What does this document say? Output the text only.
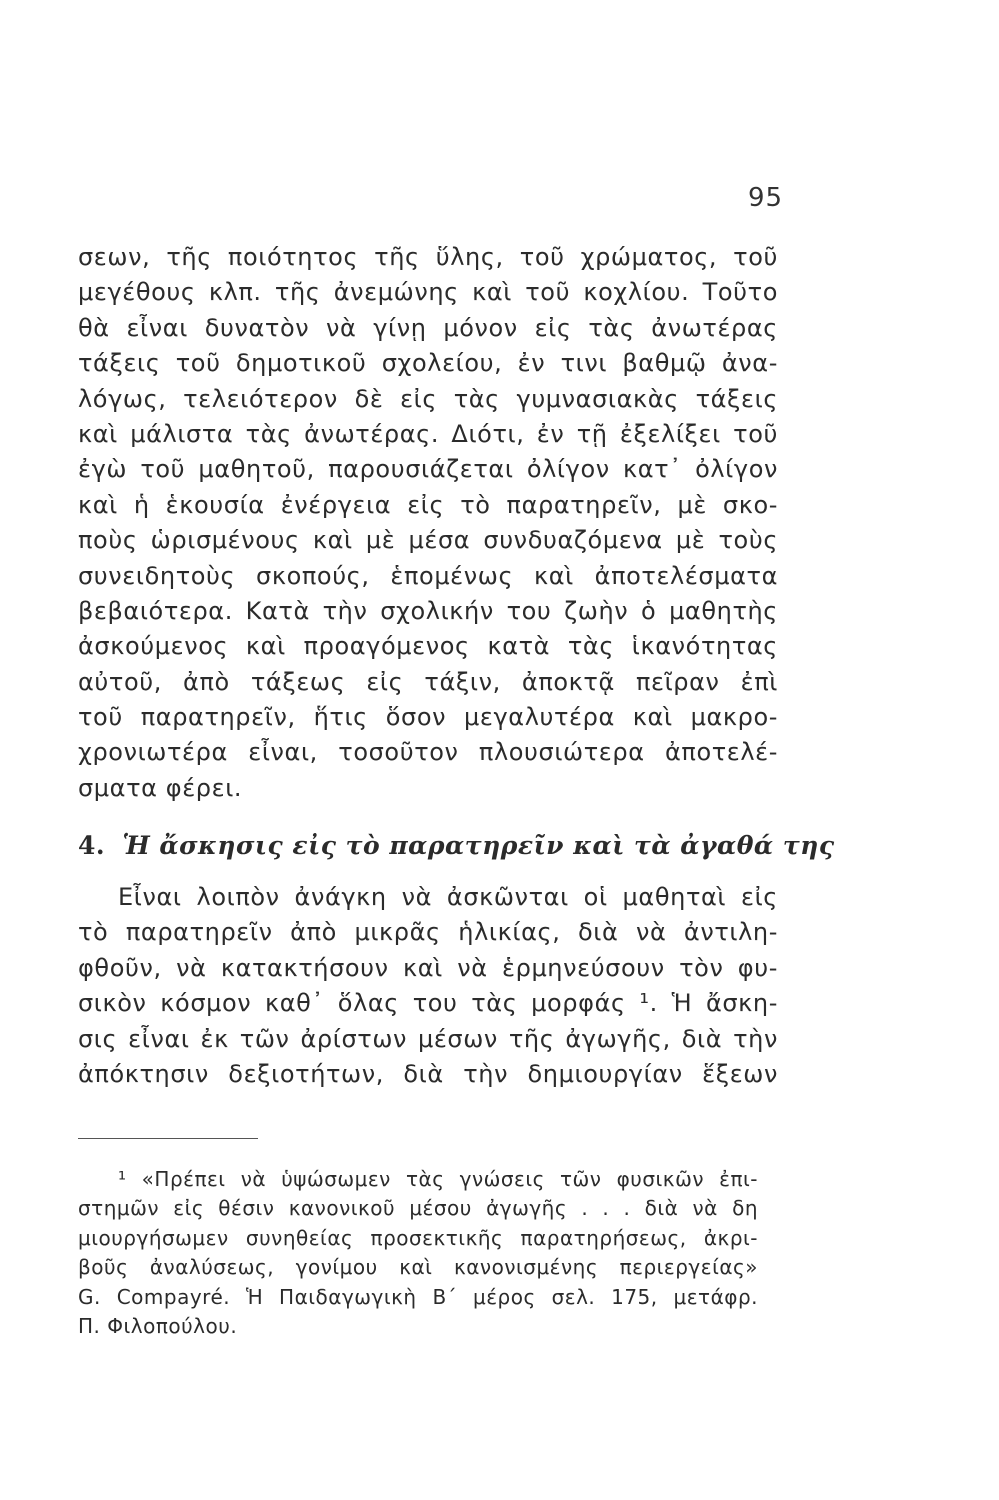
95
σεων, τῆς ποιότητος τῆς ὕλης, τοῦ χρώματος, τοῦ
μεγέθους κλπ. τῆς ἀνεμώνης καὶ τοῦ κοχλίου. Τοῦτο
θὰ εἶναι δυνατὸν νὰ γίνῃ μόνον εἰς τὰς ἀνωτέρας
τάξεις τοῦ δημοτικοῦ σχολείου, ἐν τινι βαθμῷ ἀνα-
λόγως, τελειότερον δὲ εἰς τὰς γυμνασιακὰς τάξεις
καὶ μάλιστα τὰς ἀνωτέρας. Διότι, ἐν τῇ ἐξελίξει τοῦ
ἐγὼ τοῦ μαθητοῦ, παρουσιάζεται ὀλίγον κατ᾽ ὀλίγον
καὶ ἡ ἑκουσία ἐνέργεια εἰς τὸ παρατηρεῖν, μὲ σκο-
ποὺς ὡρισμένους καὶ μὲ μέσα συνδυαζόμενα μὲ τοὺς
συνειδητοὺς σκοπούς, ἑπομένως καὶ ἀποτελέσματα
βεβαιότερα. Κατὰ τὴν σχολικήν του ζωὴν ὁ μαθητὴς
ἀσκούμενος καὶ προαγόμενος κατὰ τὰς ἱκανότητας
αὐτοῦ, ἀπὸ τάξεως εἰς τάξιν, ἀποκτᾷ πεῖραν ἐπὶ
τοῦ παρατηρεῖν, ἥτις ὅσον μεγαλυτέρα καὶ μακρο-
χρονιωτέρα εἶναι, τοσοῦτον πλουσιώτερα ἀποτελέ-
σματα φέρει.
4. Ἡ ἄσκησις εἰς τὸ παρατηρεῖν καὶ τὰ ἀγαθά της
Εἶναι λοιπὸν ἀνάγκη νὰ ἀσκῶνται οἱ μαθηταὶ εἰς
τὸ παρατηρεῖν ἀπὸ μικρᾶς ἡλικίας, διὰ νὰ ἀντιλη-
φθοῦν, νὰ κατακτήσουν καὶ νὰ ἑρμηνεύσουν τὸν φυ-
σικὸν κόσμον καθ᾽ ὅλας του τὰς μορφάς ¹. Ἡ ἄσκη-
σις εἶναι ἐκ τῶν ἀρίστων μέσων τῆς ἀγωγῆς, διὰ τὴν
ἀπόκτησιν δεξιοτήτων, διὰ τὴν δημιουργίαν ἕξεων
¹ «Πρέπει νὰ ὑψώσωμεν τὰς γνώσεις τῶν φυσικῶν ἐπι-
στημῶν εἰς θέσιν κανονικοῦ μέσου ἀγωγῆς . . . διὰ νὰ δη
μιουργήσωμεν συνηθείας προσεκτικῆς παρατηρήσεως, ἀκρι-
βοῦς ἀναλύσεως, γονίμου καὶ κανονισμένης περιεργείας»
G. Compayré. Ἡ Παιδαγωγικὴ Β΄ μέρος σελ. 175, μετάφρ.
Π. Φιλοπούλου.
